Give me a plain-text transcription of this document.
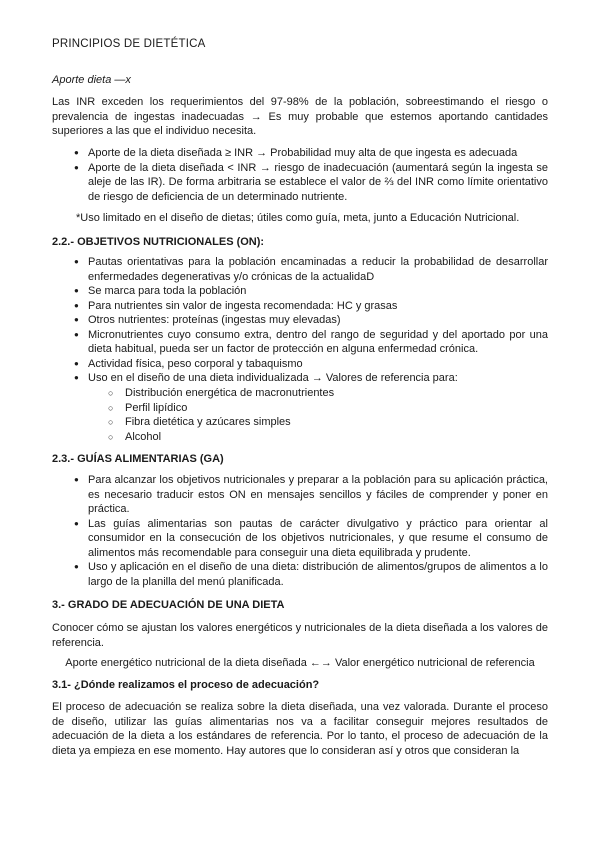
PRINCIPIOS DE DIETÉTICA
Aporte dieta —x
Las INR exceden los requerimientos del 97-98% de la población, sobreestimando el riesgo o prevalencia de ingestas inadecuadas → Es muy probable que estemos aportando cantidades superiores a las que el individuo necesita.
● Aporte de la dieta diseñada ≥ INR → Probabilidad muy alta de que ingesta es adecuada
● Aporte de la dieta diseñada < INR → riesgo de inadecuación (aumentará según la ingesta se aleje de las IR). De forma arbitraria se establece el valor de ⅔ del INR como límite orientativo de riesgo de deficiencia de un determinado nutriente.
*Uso limitado en el diseño de dietas; útiles como guía, meta, junto a Educación Nutricional.
2.2.- OBJETIVOS NUTRICIONALES (ON):
● Pautas orientativas para la población encaminadas a reducir la probabilidad de desarrollar enfermedades degenerativas y/o crónicas de la actualidaD
● Se marca para toda la población
● Para nutrientes sin valor de ingesta recomendada: HC y grasas
● Otros nutrientes: proteínas (ingestas muy elevadas)
● Micronutrientes cuyo consumo extra, dentro del rango de seguridad y del aportado por una dieta habitual, pueda ser un factor de protección en alguna enfermedad crónica.
● Actividad física, peso corporal y tabaquismo
● Uso en el diseño de una dieta individualizada → Valores de referencia para:
○ Distribución energética de macronutrientes
○ Perfil lipídico
○ Fibra dietética y azúcares simples
○ Alcohol
2.3.- GUÍAS ALIMENTARIAS (GA)
● Para alcanzar los objetivos nutricionales y preparar a la población para su aplicación práctica, es necesario traducir estos ON en mensajes sencillos y fáciles de comprender y poner en práctica.
● Las guías alimentarias son pautas de carácter divulgativo y práctico para orientar al consumidor en la consecución de los objetivos nutricionales, y que resume el consumo de alimentos más recomendable para conseguir una dieta equilibrada y prudente.
● Uso y aplicación en el diseño de una dieta: distribución de alimentos/grupos de alimentos a lo largo de la planilla del menú planificada.
3.- GRADO DE ADECUACIÓN DE UNA DIETA
Conocer cómo se ajustan los valores energéticos y nutricionales de la dieta diseñada a los valores de referencia.
Aporte energético nutricional de la dieta diseñada ←→ Valor energético nutricional de referencia
3.1- ¿Dónde realizamos el proceso de adecuación?
El proceso de adecuación se realiza sobre la dieta diseñada, una vez valorada. Durante el proceso de diseño, utilizar las guías alimentarias nos va a facilitar conseguir mejores resultados de adecuación de la dieta a los estándares de referencia. Por lo tanto, el proceso de adecuación de la dieta ya empieza en ese momento. Hay autores que lo consideran así y otros que consideran la
